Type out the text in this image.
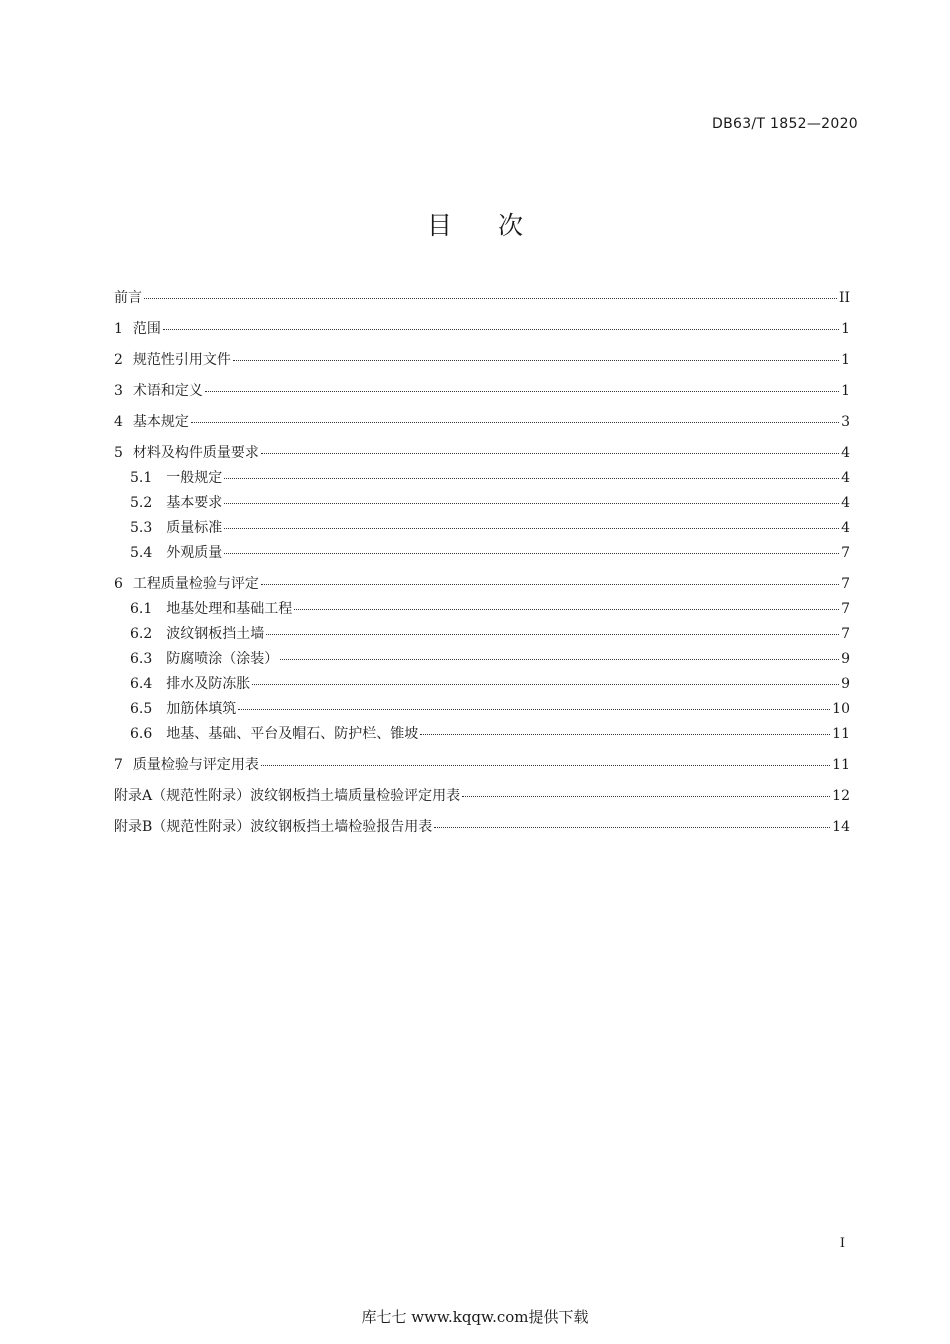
DB63/T 1852—2020
目次
前言	II
1 范围	1
2 规范性引用文件	1
3 术语和定义	1
4 基本规定	3
5 材料及构件质量要求	4
5.1 一般规定	4
5.2 基本要求	4
5.3 质量标准	4
5.4 外观质量	7
6 工程质量检验与评定	7
6.1 地基处理和基础工程	7
6.2 波纹钢板挡土墙	7
6.3 防腐喷涂（涂装）	9
6.4 排水及防冻胀	9
6.5 加筋体填筑	10
6.6 地基、基础、平台及帽石、防护栏、锥坡	11
7 质量检验与评定用表	11
附录A（规范性附录）波纹钢板挡土墙质量检验评定用表	12
附录B（规范性附录）波纹钢板挡土墙检验报告用表	14
I
库七七 www.kqqw.com提供下载
